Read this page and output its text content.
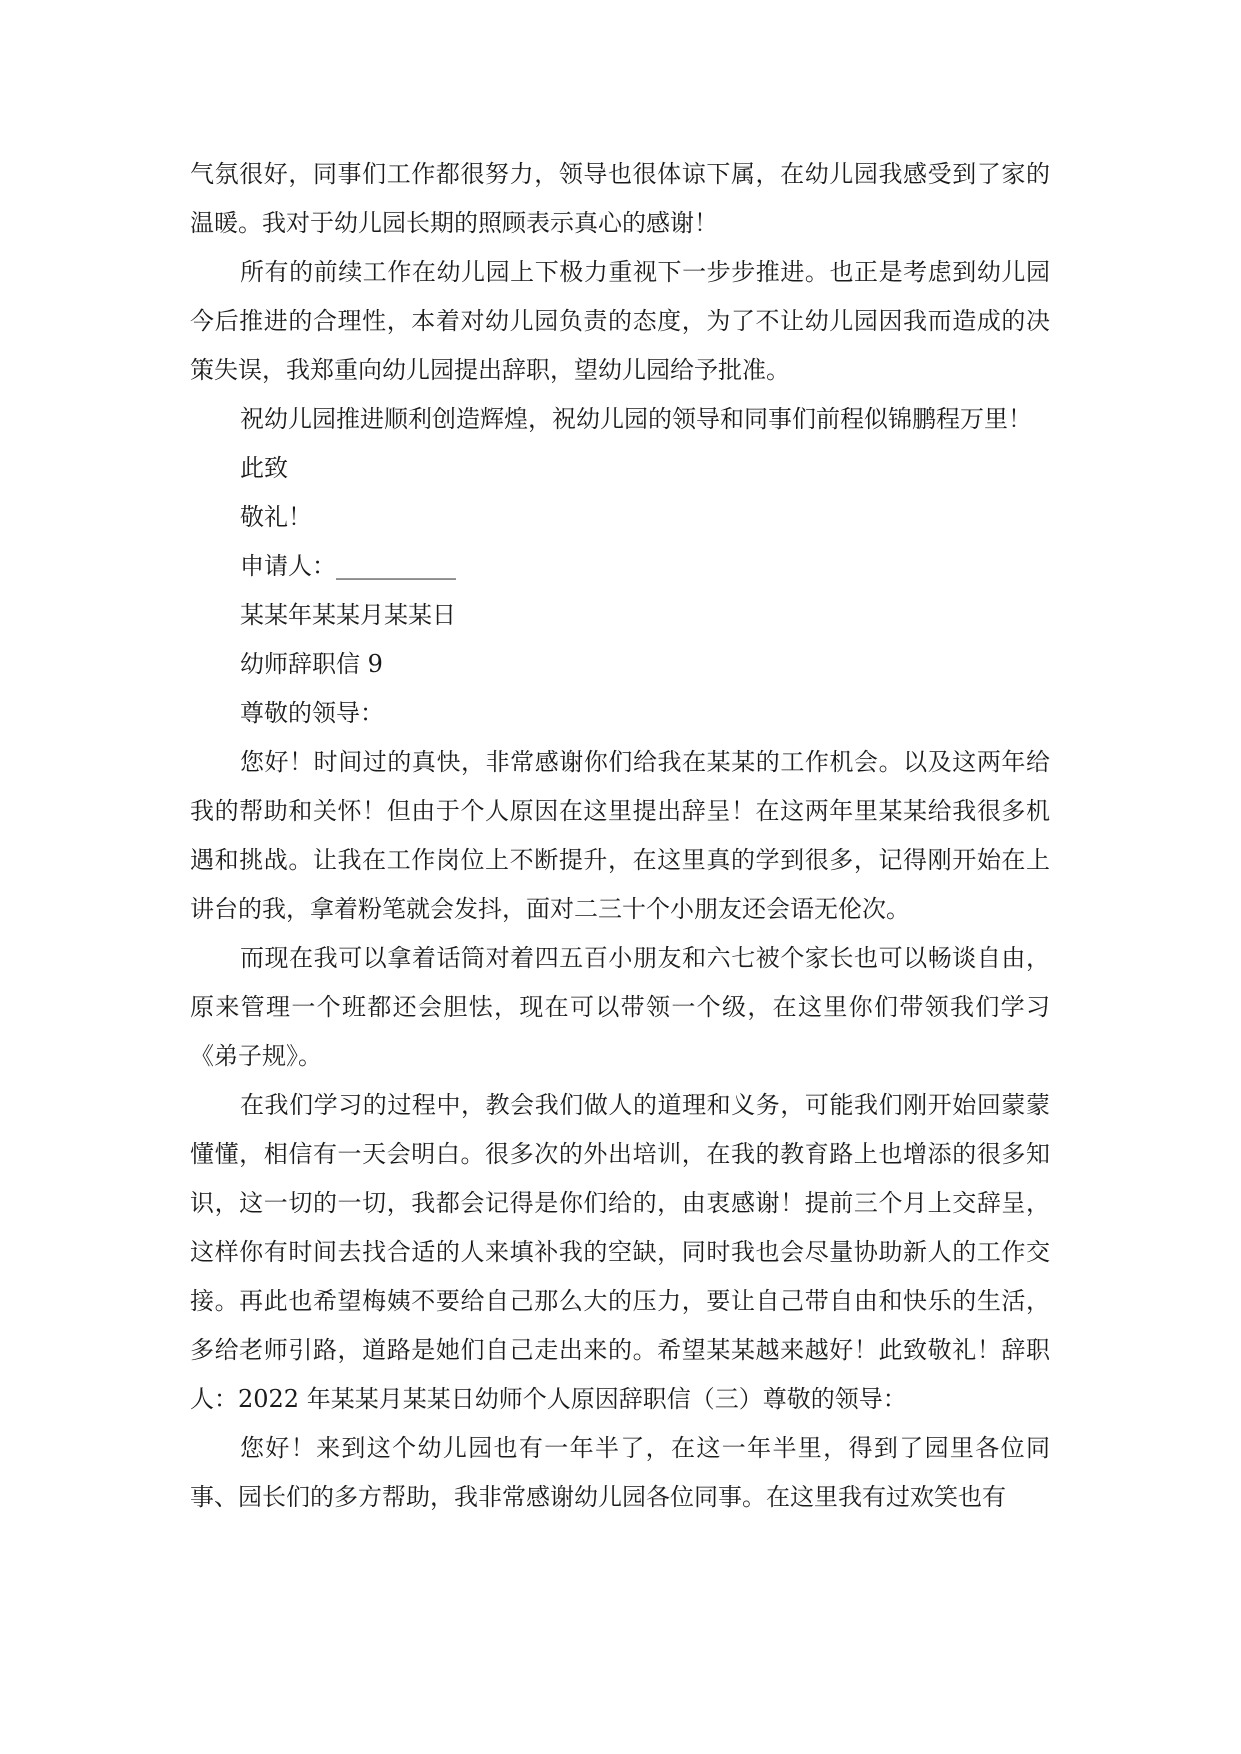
气氛很好，同事们工作都很努力，领导也很体谅下属，在幼儿园我感受到了家的温暖。我对于幼儿园长期的照顾表示真心的感谢！

所有的前续工作在幼儿园上下极力重视下一步步推进。也正是考虑到幼儿园今后推进的合理性，本着对幼儿园负责的态度，为了不让幼儿园因我而造成的决策失误，我郑重向幼儿园提出辞职，望幼儿园给予批准。

祝幼儿园推进顺利创造辉煌，祝幼儿园的领导和同事们前程似锦鹏程万里！

此致

敬礼！

申请人：__________

某某年某某月某某日

幼师辞职信 9

尊敬的领导：

您好！时间过的真快，非常感谢你们给我在某某的工作机会。以及这两年给我的帮助和关怀！但由于个人原因在这里提出辞呈！在这两年里某某给我很多机遇和挑战。让我在工作岗位上不断提升，在这里真的学到很多，记得刚开始在上讲台的我，拿着粉笔就会发抖，面对二三十个小朋友还会语无伦次。

而现在我可以拿着话筒对着四五百小朋友和六七被个家长也可以畅谈自由，原来管理一个班都还会胆怯，现在可以带领一个级，在这里你们带领我们学习《弟子规》。

在我们学习的过程中，教会我们做人的道理和义务，可能我们刚开始回蒙蒙懂懂，相信有一天会明白。很多次的外出培训，在我的教育路上也增添的很多知识，这一切的一切，我都会记得是你们给的，由衷感谢！提前三个月上交辞呈，这样你有时间去找合适的人来填补我的空缺，同时我也会尽量协助新人的工作交接。再此也希望梅姨不要给自己那么大的压力，要让自己带自由和快乐的生活，多给老师引路，道路是她们自己走出来的。希望某某越来越好！此致敬礼！辞职人：2022 年某某月某某日幼师个人原因辞职信（三）尊敬的领导：

您好！来到这个幼儿园也有一年半了，在这一年半里，得到了园里各位同事、园长们的多方帮助，我非常感谢幼儿园各位同事。在这里我有过欢笑也有
